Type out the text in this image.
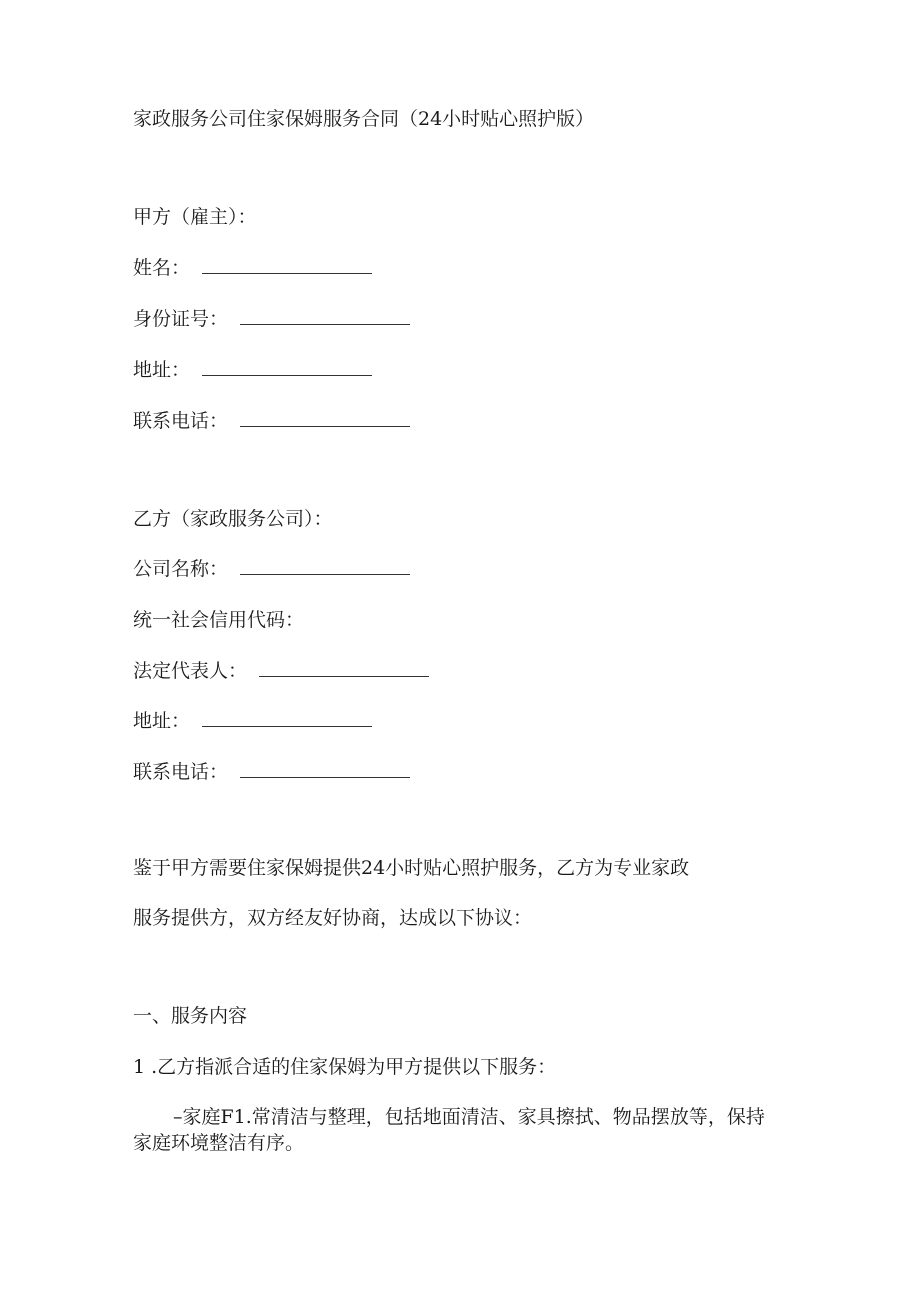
家政服务公司住家保姆服务合同（24小时贴心照护版）
甲方（雇主）：
姓名：
身份证号：
地址：
联系电话：
乙方（家政服务公司）：
公司名称：
统一社会信用代码：
法定代表人：
地址：
联系电话：
鉴于甲方需要住家保姆提供24小时贴心照护服务，乙方为专业家政
服务提供方，双方经友好协商，达成以下协议：
一、服务内容
1 .乙方指派合适的住家保姆为甲方提供以下服务：
–家庭F1.常清洁与整理，包括地面清洁、家具擦拭、物品摆放等，保持家庭环境整洁有序。
